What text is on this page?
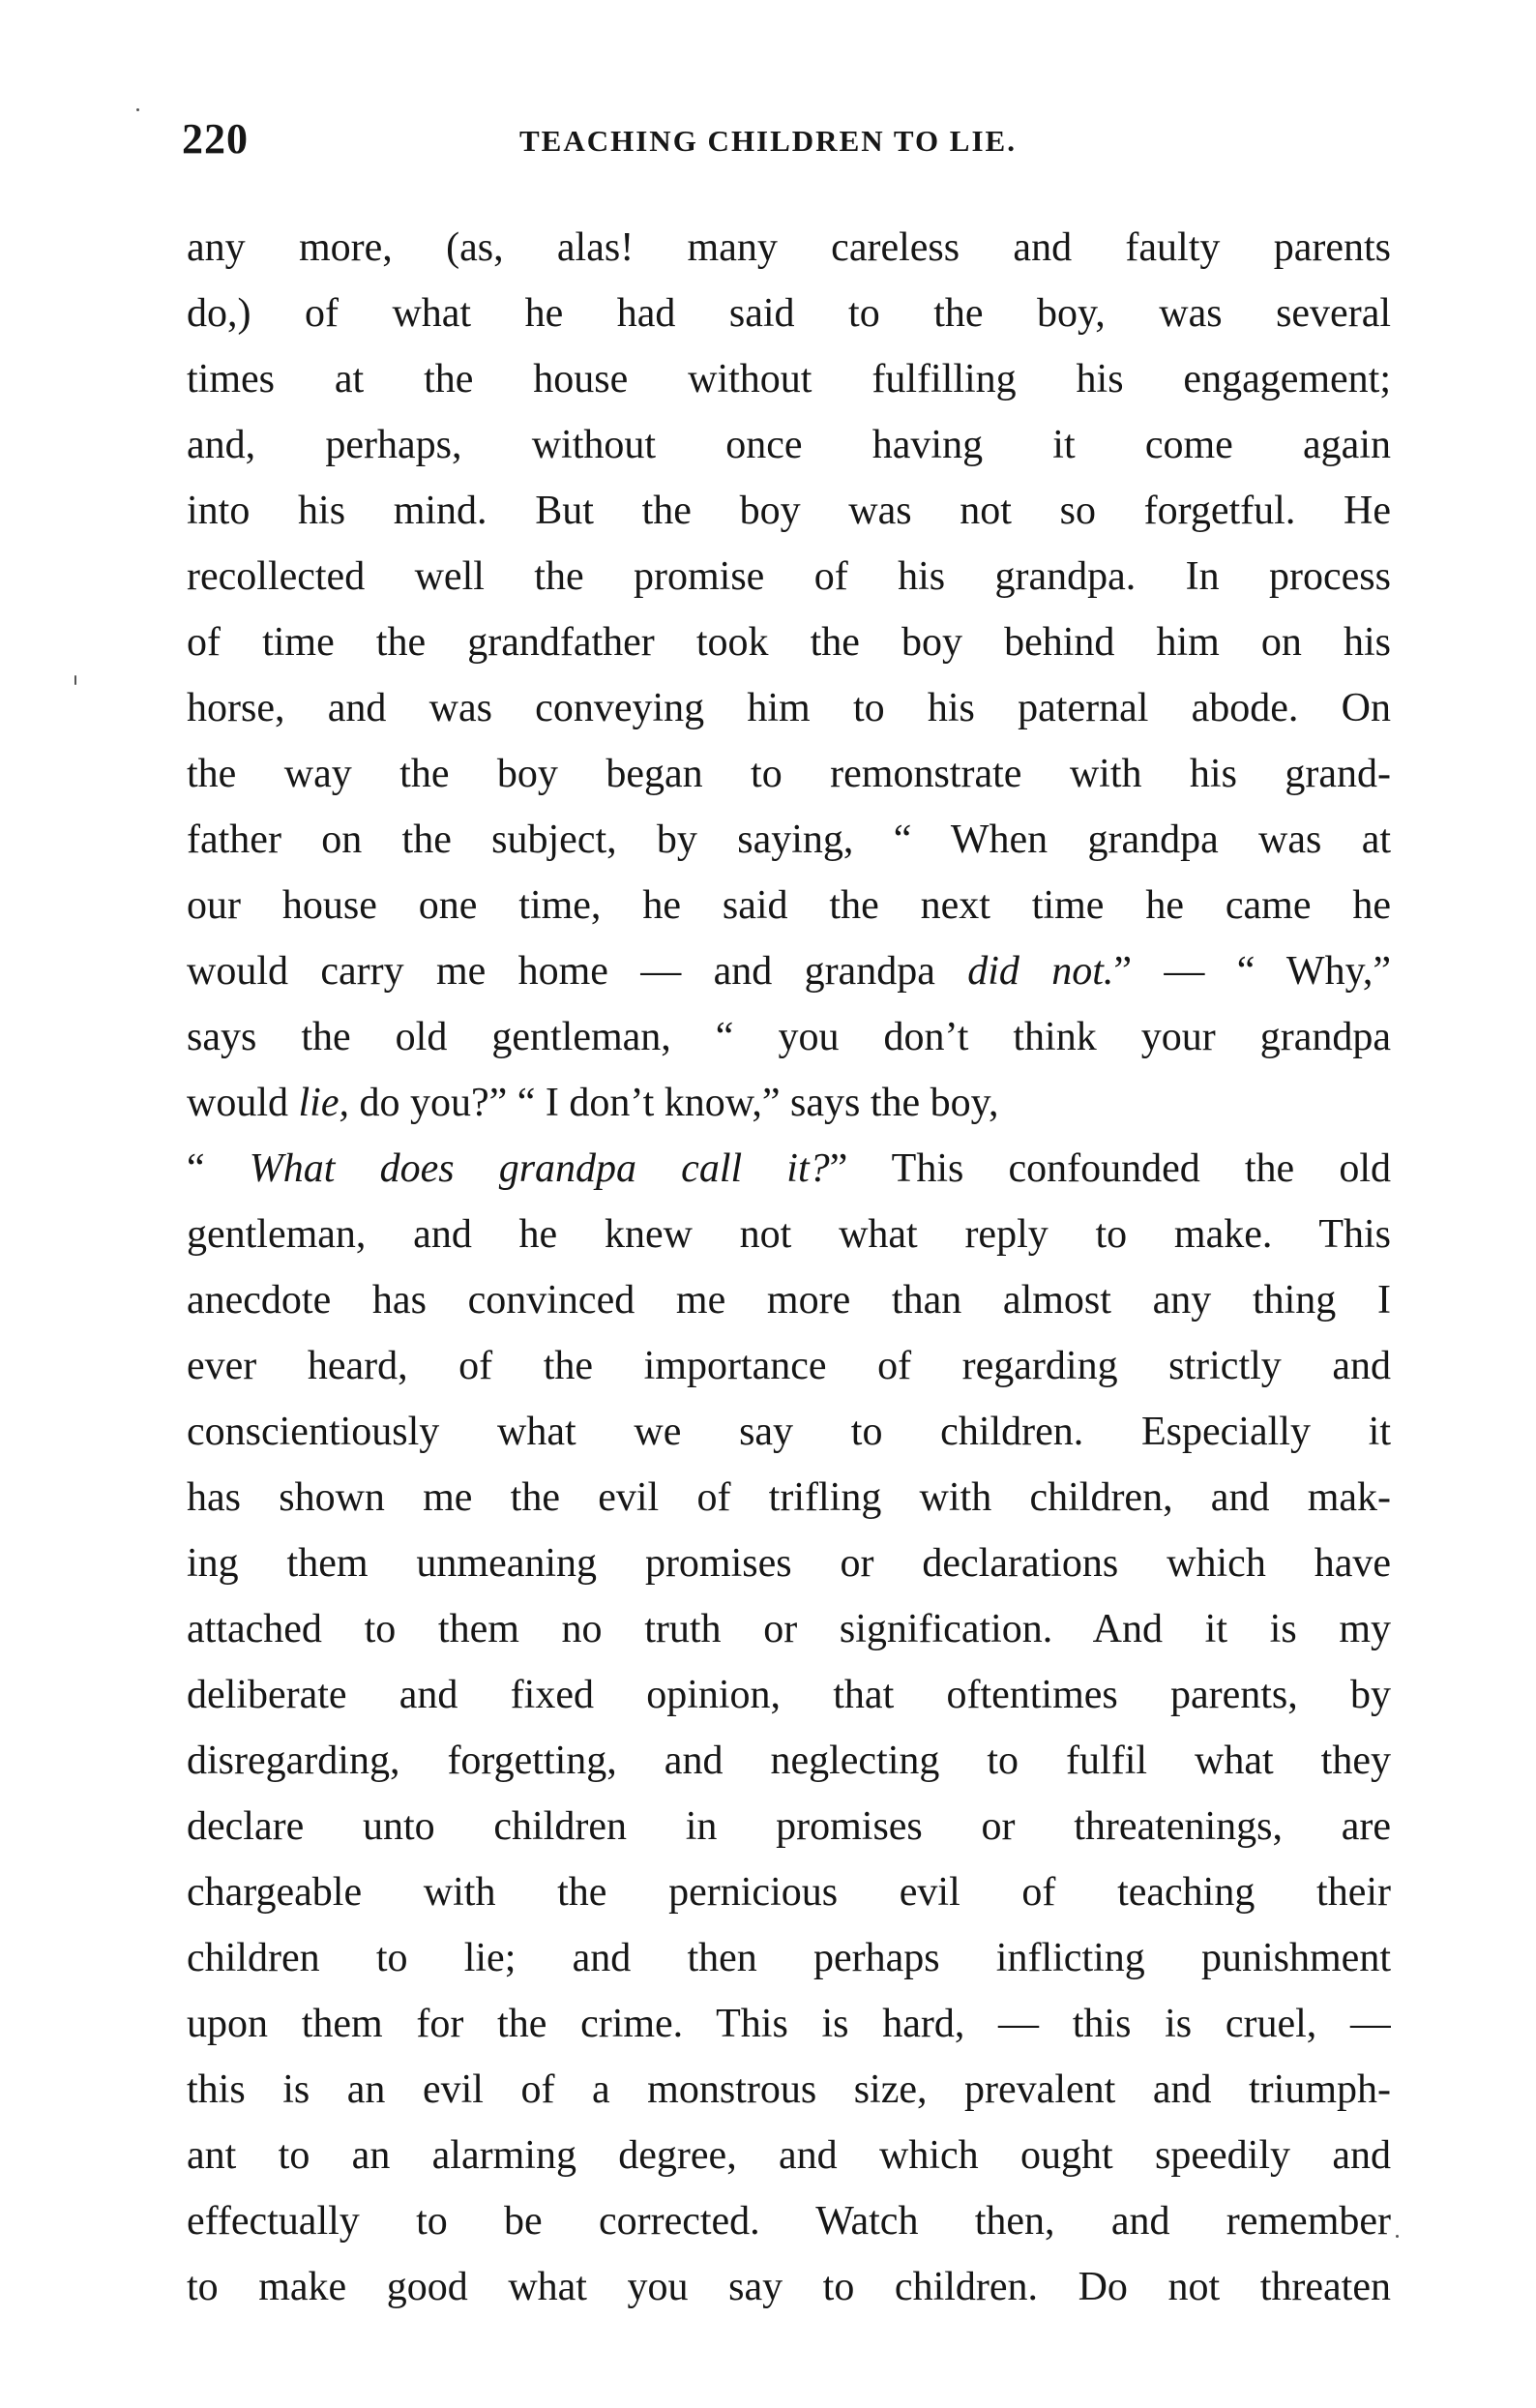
220	TEACHING CHILDREN TO LIE.
any more, (as, alas! many careless and faulty parents
do,) of what he had said to the boy, was several
times at the house without fulfilling his engagement;
and, perhaps, without once having it come again
into his mind. But the boy was not so forgetful. He
recollected well the promise of his grandpa. In process
of time the grandfather took the boy behind him on his
horse, and was conveying him to his paternal abode. On
the way the boy began to remonstrate with his grand-
father on the subject, by saying, “ When grandpa was at
our house one time, he said the next time he came he
would carry me home — and grandpa did not.” — “ Why,”
says the old gentleman, “ you don’t think your grandpa
would lie, do you?” “ I don’t know,” says the boy,
“ What does grandpa call it?” This confounded the old
gentleman, and he knew not what reply to make. This
anecdote has convinced me more than almost any thing I
ever heard, of the importance of regarding strictly and
conscientiously what we say to children. Especially it
has shown me the evil of trifling with children, and mak-
ing them unmeaning promises or declarations which have
attached to them no truth or signification. And it is my
deliberate and fixed opinion, that oftentimes parents, by
disregarding, forgetting, and neglecting to fulfil what they
declare unto children in promises or threatenings, are
chargeable with the pernicious evil of teaching their
children to lie; and then perhaps inflicting punishment
upon them for the crime. This is hard, — this is cruel, —
this is an evil of a monstrous size, prevalent and triumph-
ant to an alarming degree, and which ought speedily and
effectually to be corrected. Watch then, and remember
to make good what you say to children. Do not threaten
